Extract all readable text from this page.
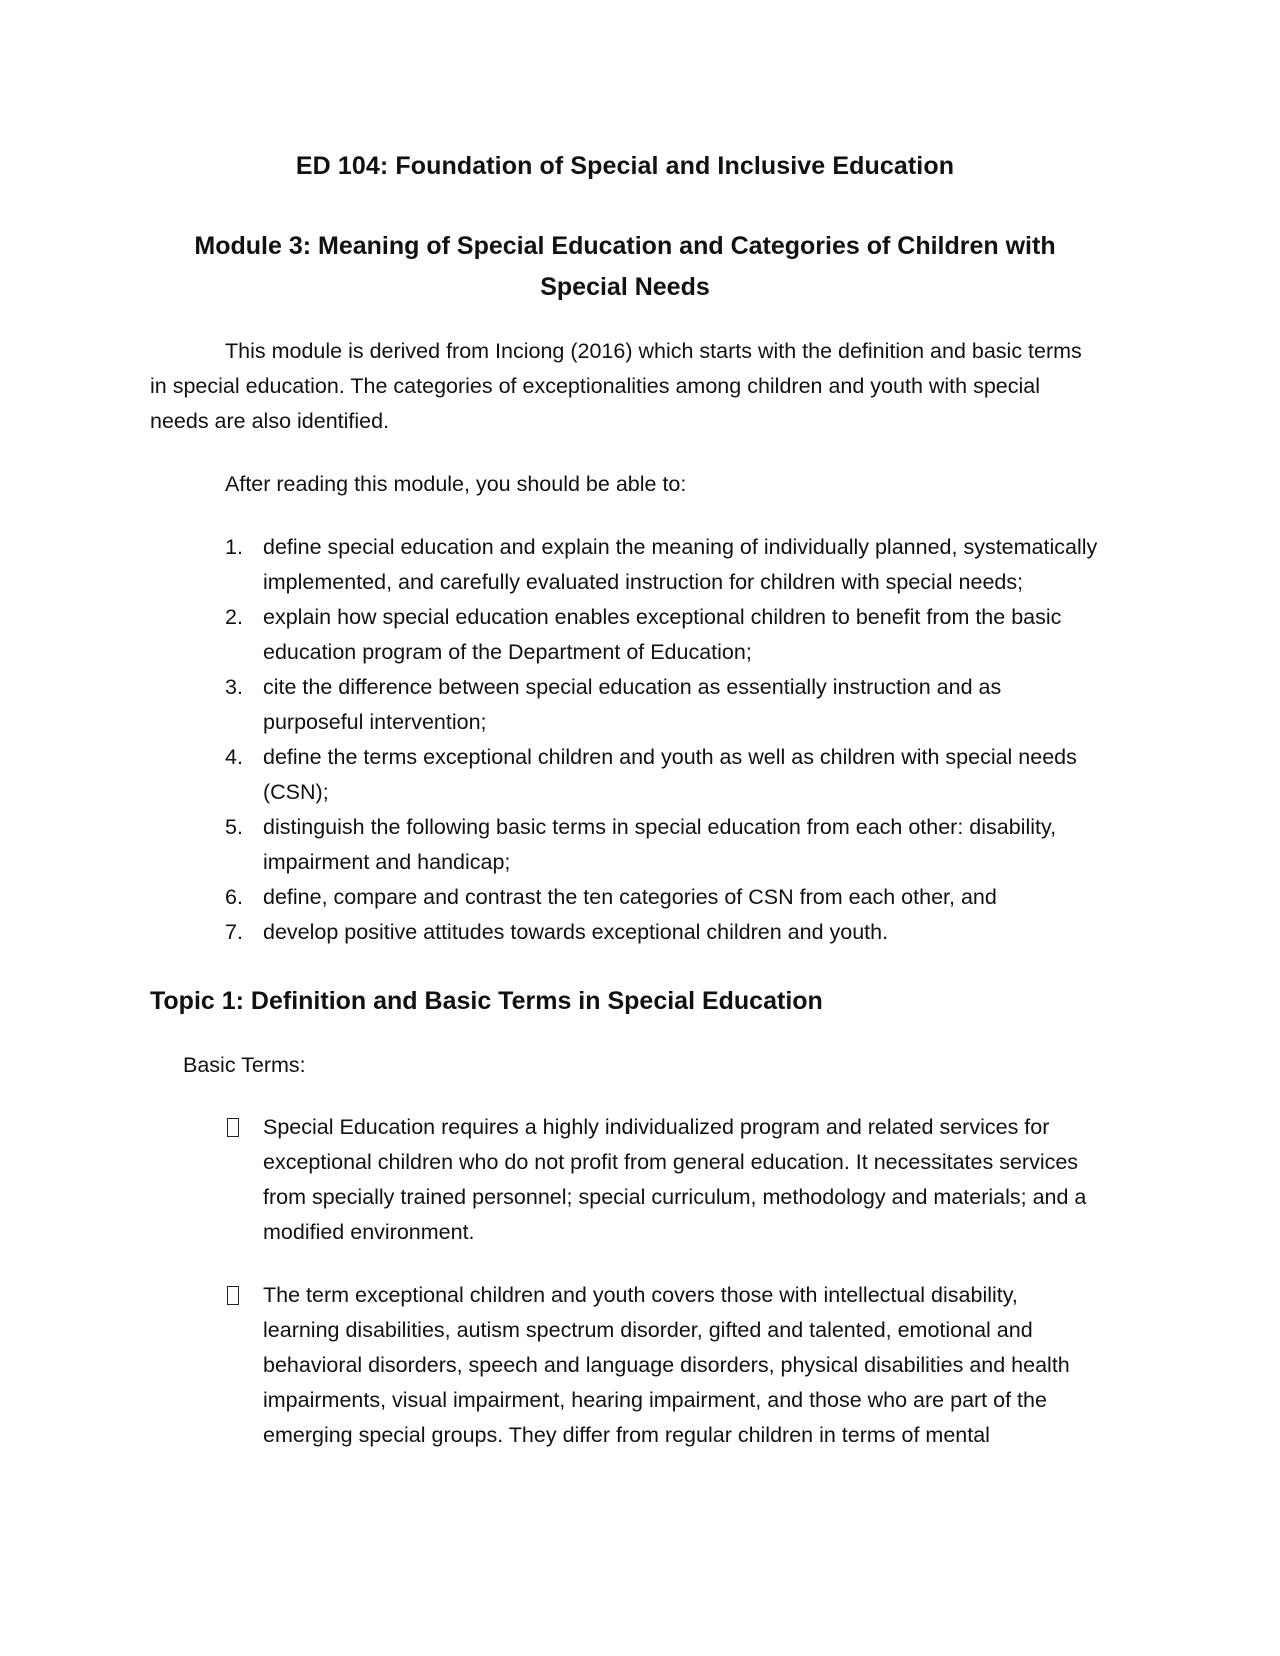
ED 104: Foundation of Special and Inclusive Education
Module 3: Meaning of Special Education and Categories of Children with Special Needs

This module is derived from Inciong (2016) which starts with the definition and basic terms in special education. The categories of exceptionalities among children and youth with special needs are also identified.

After reading this module, you should be able to:

1. define special education and explain the meaning of individually planned, systematically implemented, and carefully evaluated instruction for children with special needs;
2. explain how special education enables exceptional children to benefit from the basic education program of the Department of Education;
3. cite the difference between special education as essentially instruction and as purposeful intervention;
4. define the terms exceptional children and youth as well as children with special needs (CSN);
5. distinguish the following basic terms in special education from each other: disability, impairment and handicap;
6. define, compare and contrast the ten categories of CSN from each other, and
7. develop positive attitudes towards exceptional children and youth.
Topic 1: Definition and Basic Terms in Special Education

Basic Terms:

Special Education requires a highly individualized program and related services for exceptional children who do not profit from general education. It necessitates services from specially trained personnel; special curriculum, methodology and materials; and a modified environment.
The term exceptional children and youth covers those with intellectual disability, learning disabilities, autism spectrum disorder, gifted and talented, emotional and behavioral disorders, speech and language disorders, physical disabilities and health impairments, visual impairment, hearing impairment, and those who are part of the emerging special groups. They differ from regular children in terms of mental
